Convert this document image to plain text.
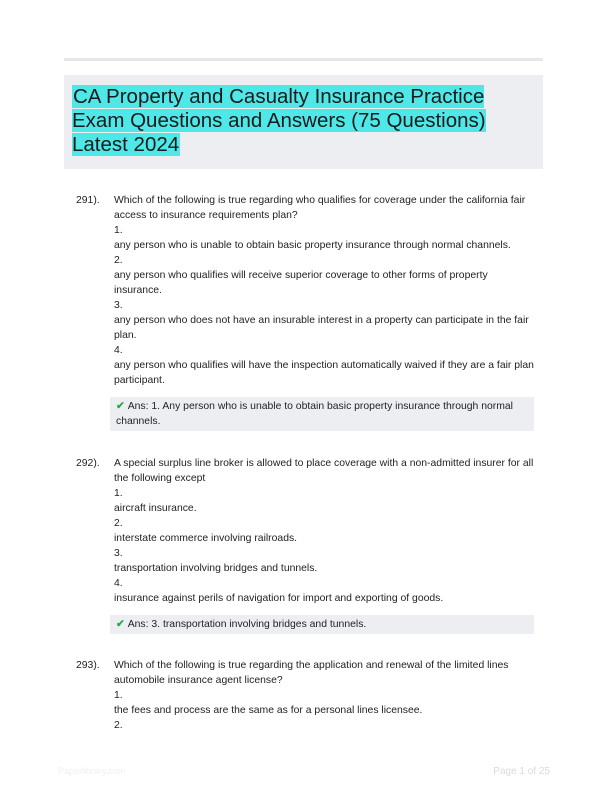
CA Property and Casualty Insurance Practice Exam Questions and Answers (75 Questions) Latest 2024
291). Which of the following is true regarding who qualifies for coverage under the california fair access to insurance requirements plan?

1.

any person who is unable to obtain basic property insurance through normal channels.

2.

any person who qualifies will receive superior coverage to other forms of property insurance.

3.

any person who does not have an insurable interest in a property can participate in the fair plan.

4.

any person who qualifies will have the inspection automatically waived if they are a fair plan participant.

✔ Ans: 1. Any person who is unable to obtain basic property insurance through normal channels.
292). A special surplus line broker is allowed to place coverage with a non-admitted insurer for all the following except

1.

aircraft insurance.

2.

interstate commerce involving railroads.

3.

transportation involving bridges and tunnels.

4.

insurance against perils of navigation for import and exporting of goods.

✔ Ans: 3. transportation involving bridges and tunnels.
293). Which of the following is true regarding the application and renewal of the limited lines automobile insurance agent license?

1.

the fees and process are the same as for a personal lines licensee.

2.

Paperlibrary.com	Page 1 of 25
